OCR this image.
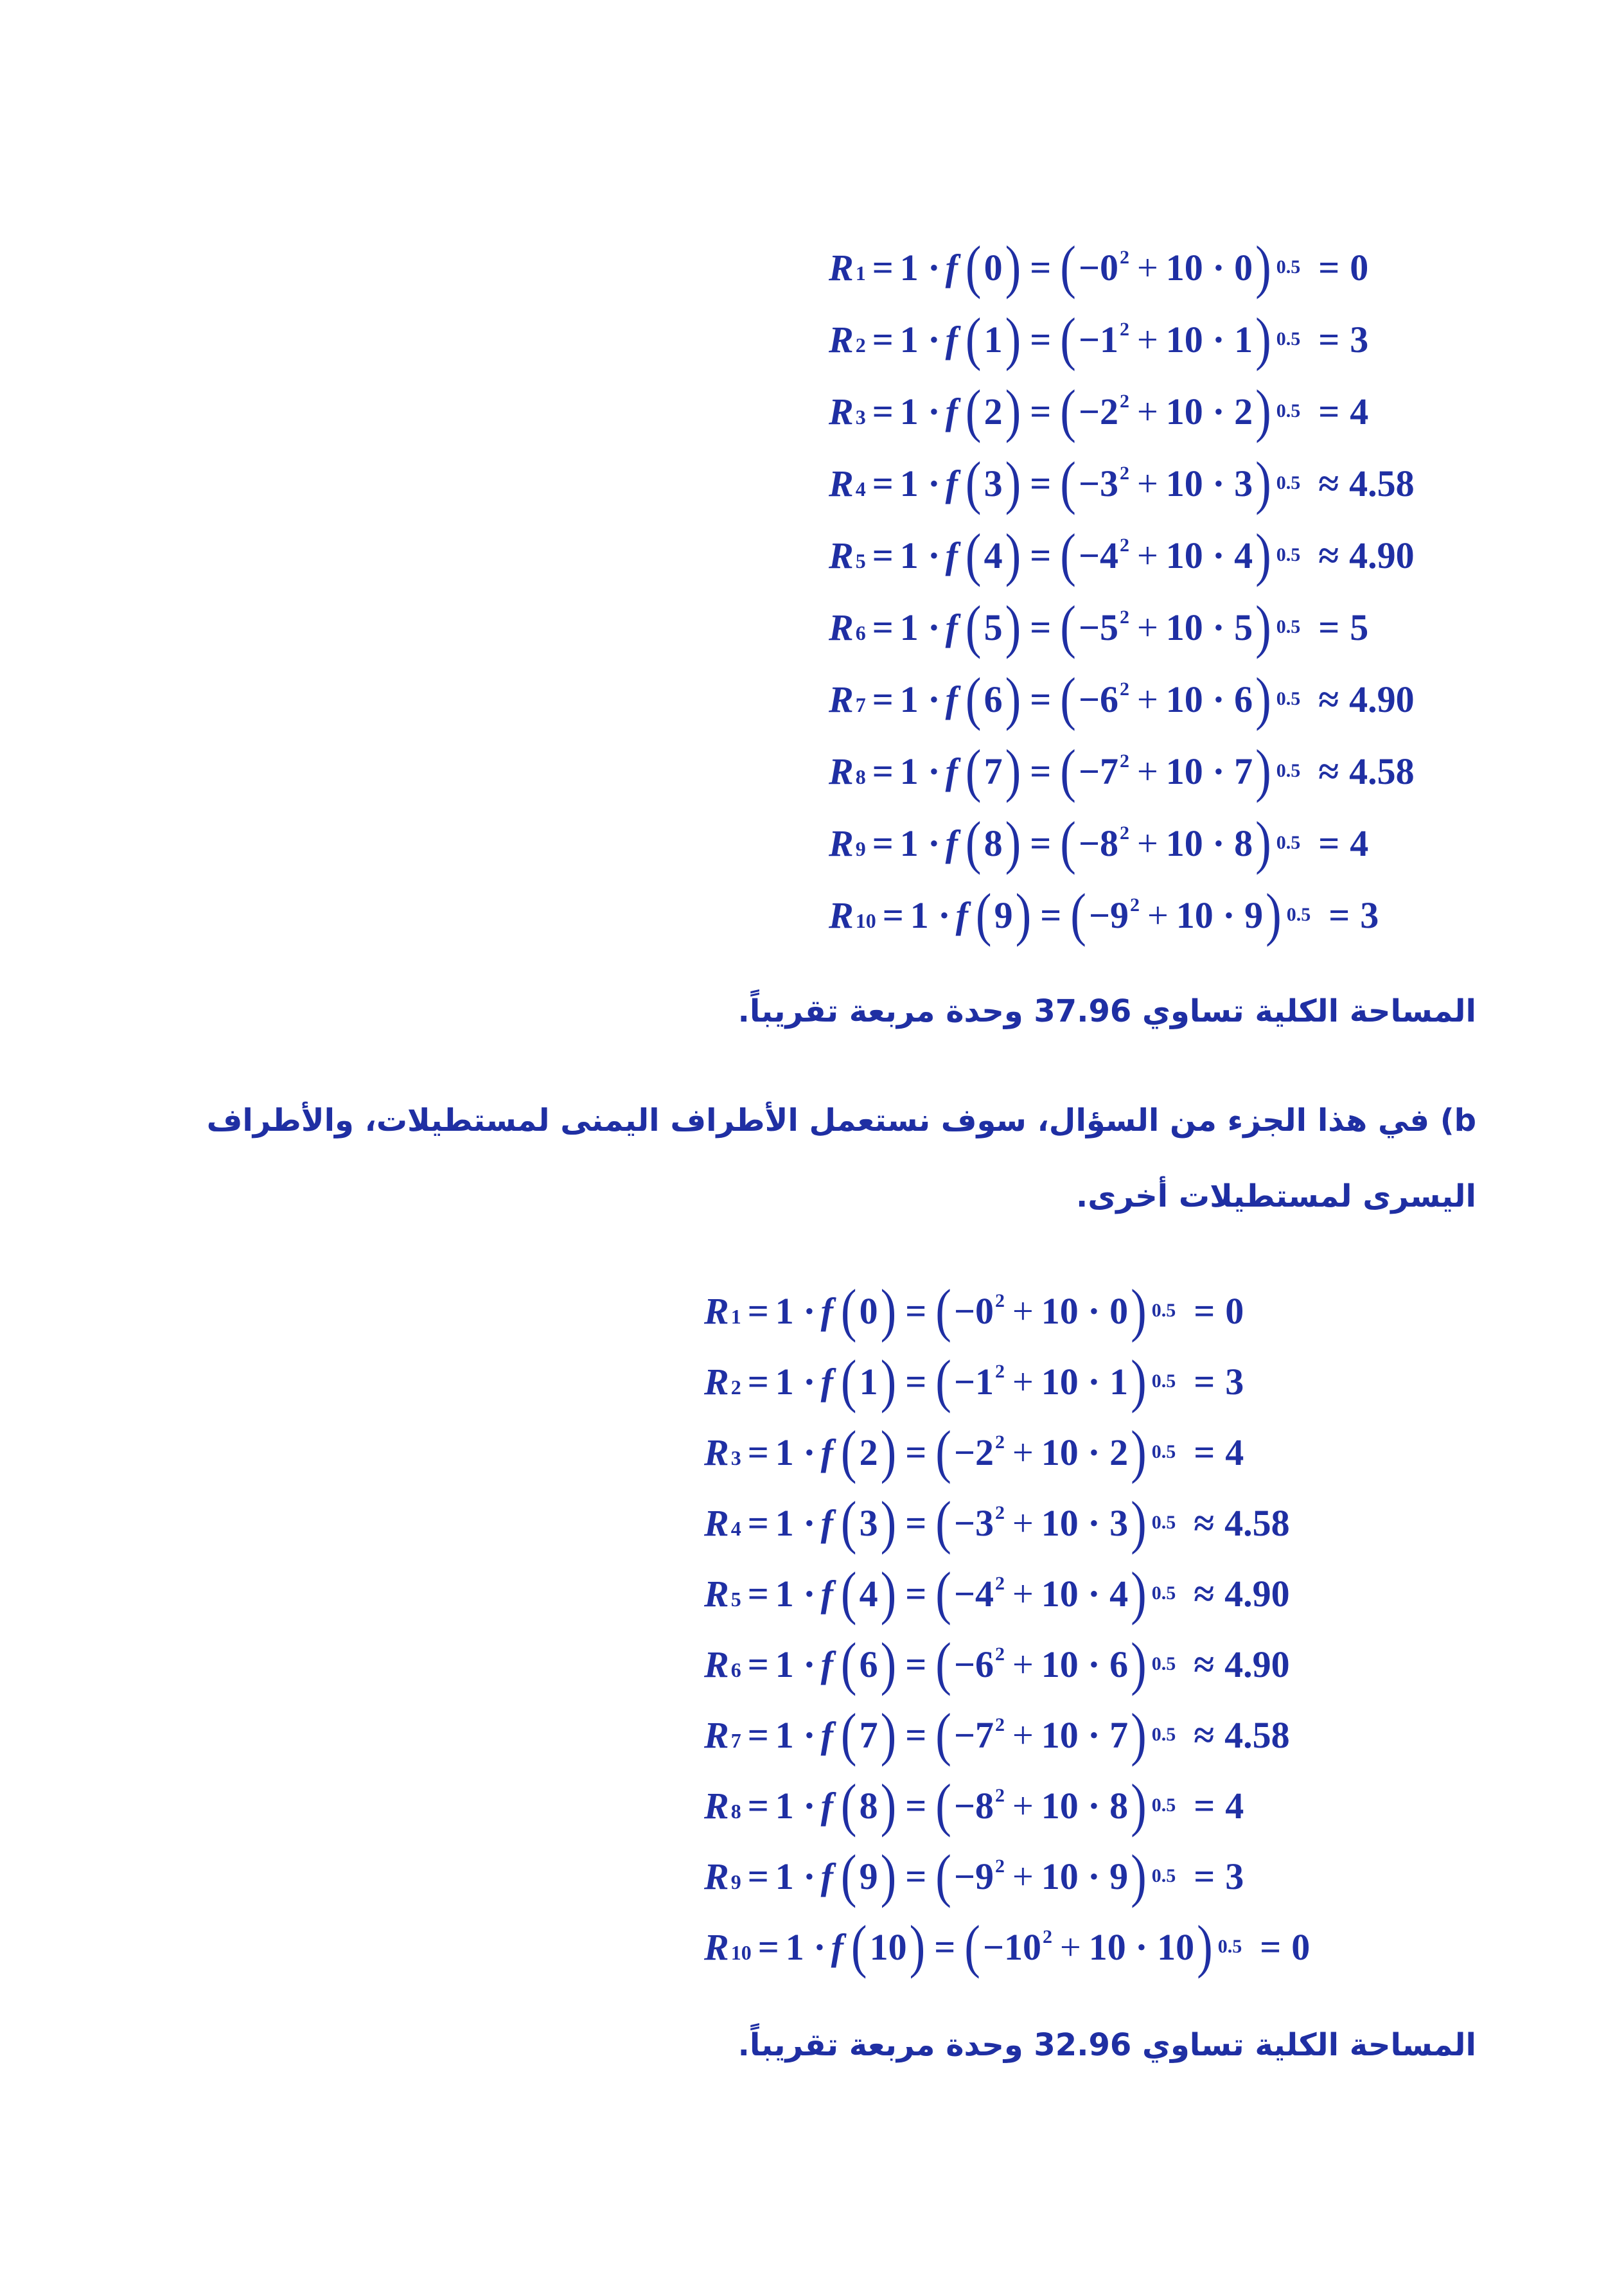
R 1 = 1 · f ( 0 ) = ( $-0^2 + 10 \cdot 0$ ) 0.5 = 0
R 2 = 1 · f ( 1 ) = ( $-1^2 + 10 \cdot 1$ ) 0.5 = 3
R 3 = 1 · f ( 2 ) = ( $-2^2 + 10 \cdot 2$ ) 0.5 = 4
R 4 = 1 · f ( 3 ) = ( $-3^2 + 10 \cdot 3$ ) 0.5 ≈ 4.58
R 5 = 1 · f ( 4 ) = ( $-4^2 + 10 \cdot 4$ ) 0.5 ≈ 4.90
R 6 = 1 · f ( 5 ) = ( $-5^2 + 10 \cdot 5$ ) 0.5 = 5
R 7 = 1 · f ( 6 ) = ( $-6^2 + 10 \cdot 6$ ) 0.5 ≈ 4.90
R 8 = 1 · f ( 7 ) = ( $-7^2 + 10 \cdot 7$ ) 0.5 ≈ 4.58
R 9 = 1 · f ( 8 ) = ( $-8^2 + 10 \cdot 8$ ) 0.5 = 4
R 10 = 1 · f ( 9 ) = ( $-9^2 + 10 \cdot 9$ ) 0.5 = 3
المساحة الكلية تساوي 37.96 وحدة مربعة تقريباً.
b) في هذا الجزء من السؤال، سوف نستعمل الأطراف اليمنى لمستطيلات، والأطراف اليسرى لمستطيلات أخرى.
R 1 = 1 · f ( 0 ) = ( $-0^2 + 10 \cdot 0$ ) 0.5 = 0
R 2 = 1 · f ( 1 ) = ( $-1^2 + 10 \cdot 1$ ) 0.5 = 3
R 3 = 1 · f ( 2 ) = ( $-2^2 + 10 \cdot 2$ ) 0.5 = 4
R 4 = 1 · f ( 3 ) = ( $-3^2 + 10 \cdot 3$ ) 0.5 ≈ 4.58
R 5 = 1 · f ( 4 ) = ( $-4^2 + 10 \cdot 4$ ) 0.5 ≈ 4.90
R 6 = 1 · f ( 6 ) = ( $-6^2 + 10 \cdot 6$ ) 0.5 ≈ 4.90
R 7 = 1 · f ( 7 ) = ( $-7^2 + 10 \cdot 7$ ) 0.5 ≈ 4.58
R 8 = 1 · f ( 8 ) = ( $-8^2 + 10 \cdot 8$ ) 0.5 = 4
R 9 = 1 · f ( 9 ) = ( $-9^2 + 10 \cdot 9$ ) 0.5 = 3
R 10 = 1 · f ( 10 ) = ( $-10^2 + 10 \cdot 10$ ) 0.5 = 0
المساحة الكلية تساوي 32.96 وحدة مربعة تقريباً.
